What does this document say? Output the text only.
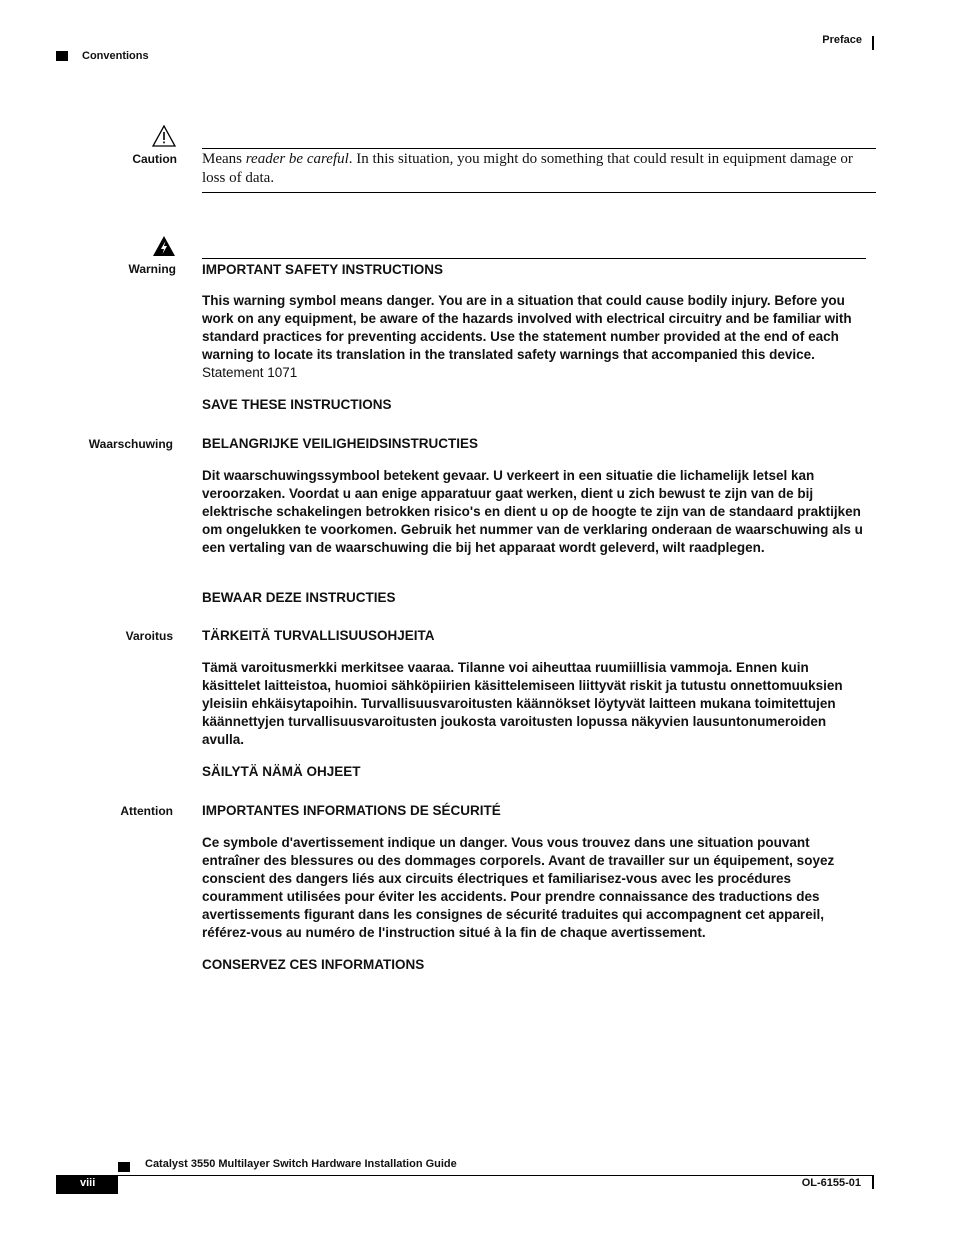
Preface
Conventions
Caution Means reader be careful. In this situation, you might do something that could result in equipment damage or loss of data.
Warning IMPORTANT SAFETY INSTRUCTIONS
This warning symbol means danger. You are in a situation that could cause bodily injury. Before you work on any equipment, be aware of the hazards involved with electrical circuitry and be familiar with standard practices for preventing accidents. Use the statement number provided at the end of each warning to locate its translation in the translated safety warnings that accompanied this device. Statement 1071
SAVE THESE INSTRUCTIONS
Waarschuwing BELANGRIJKE VEILIGHEIDSINSTRUCTIES
Dit waarschuwingssymbool betekent gevaar. U verkeert in een situatie die lichamelijk letsel kan veroorzaken. Voordat u aan enige apparatuur gaat werken, dient u zich bewust te zijn van de bij elektrische schakelingen betrokken risico's en dient u op de hoogte te zijn van de standaard praktijken om ongelukken te voorkomen. Gebruik het nummer van de verklaring onderaan de waarschuwing als u een vertaling van de waarschuwing die bij het apparaat wordt geleverd, wilt raadplegen.
BEWAAR DEZE INSTRUCTIES
Varoitus TÄRKEITÄ TURVALLISUUSOHJEITA
Tämä varoitusmerkki merkitsee vaaraa. Tilanne voi aiheuttaa ruumiillisia vammoja. Ennen kuin käsittelet laitteistoa, huomioi sähköpiirien käsittelemiseen liittyvät riskit ja tutustu onnettomuuksien yleisiin ehkäisytapoihin. Turvallisuusvaroitusten käännökset löytyvät laitteen mukana toimitettujen käännettyjen turvallisuusvaroitusten joukosta varoitusten lopussa näkyvien lausuntonumeroiden avulla.
SÄILYTÄ NÄMÄ OHJEET
Attention IMPORTANTES INFORMATIONS DE SÉCURITÉ
Ce symbole d'avertissement indique un danger. Vous vous trouvez dans une situation pouvant entraîner des blessures ou des dommages corporels. Avant de travailler sur un équipement, soyez conscient des dangers liés aux circuits électriques et familiarisez-vous avec les procédures couramment utilisées pour éviter les accidents. Pour prendre connaissance des traductions des avertissements figurant dans les consignes de sécurité traduites qui accompagnent cet appareil, référez-vous au numéro de l'instruction situé à la fin de chaque avertissement.
CONSERVEZ CES INFORMATIONS
Catalyst 3550 Multilayer Switch Hardware Installation Guide
viii	OL-6155-01
